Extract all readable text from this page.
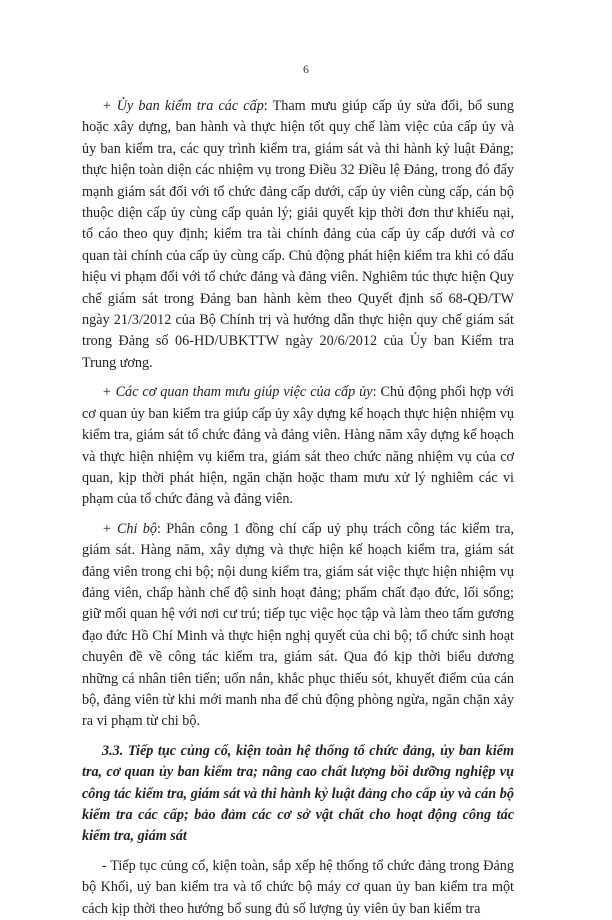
6

+ Ủy ban kiểm tra các cấp: Tham mưu giúp cấp ủy sửa đổi, bổ sung hoặc xây dựng, ban hành và thực hiện tốt quy chế làm việc của cấp ủy và ủy ban kiểm tra, các quy trình kiểm tra, giám sát và thi hành kỷ luật Đảng; thực hiện toàn diện các nhiệm vụ trong Điều 32 Điều lệ Đảng, trong đó đẩy mạnh giám sát đối với tổ chức đảng cấp dưới, cấp ủy viên cùng cấp, cán bộ thuộc diện cấp ủy cùng cấp quản lý; giải quyết kịp thời đơn thư khiếu nại, tố cáo theo quy định; kiểm tra tài chính đảng của cấp ủy cấp dưới và cơ quan tài chính của cấp ủy cùng cấp. Chủ động phát hiện kiểm tra khi có dấu hiệu vi phạm đối với tổ chức đảng và đảng viên. Nghiêm túc thực hiện Quy chế giám sát trong Đảng ban hành kèm theo Quyết định số 68-QĐ/TW ngày 21/3/2012 của Bộ Chính trị và hướng dẫn thực hiện quy chế giám sát trong Đảng số 06-HD/UBKTTW ngày 20/6/2012 của Ủy ban Kiểm tra Trung ương.

+ Các cơ quan tham mưu giúp việc của cấp ủy: Chủ động phối hợp với cơ quan ủy ban kiểm tra giúp cấp ủy xây dựng kế hoạch thực hiện nhiệm vụ kiểm tra, giám sát tổ chức đảng và đảng viên. Hàng năm xây dựng kế hoạch và thực hiện nhiệm vụ kiểm tra, giám sát theo chức năng nhiệm vụ của cơ quan, kịp thời phát hiện, ngăn chặn hoặc tham mưu xử lý nghiêm các vi phạm của tổ chức đảng và đảng viên.

+ Chi bộ: Phân công 1 đồng chí cấp uỷ phụ trách công tác kiểm tra, giám sát. Hàng năm, xây dựng và thực hiện kế hoạch kiểm tra, giám sát đảng viên trong chi bộ; nội dung kiểm tra, giám sát việc thực hiện nhiệm vụ đảng viên, chấp hành chế độ sinh hoạt đảng; phẩm chất đạo đức, lối sống; giữ mối quan hệ với nơi cư trú; tiếp tục việc học tập và làm theo tấm gương đạo đức Hồ Chí Minh và thực hiện nghị quyết của chi bộ; tổ chức sinh hoạt chuyên đề về công tác kiểm tra, giám sát. Qua đó kịp thời biểu dương những cá nhân tiên tiến; uốn nắn, khắc phục thiếu sót, khuyết điểm của cán bộ, đảng viên từ khi mới manh nha để chủ động phòng ngừa, ngăn chặn xảy ra vi phạm từ chi bộ.

3.3. Tiếp tục củng cố, kiện toàn hệ thống tổ chức đảng, ủy ban kiểm tra, cơ quan ủy ban kiểm tra; nâng cao chất lượng bồi dưỡng nghiệp vụ công tác kiểm tra, giám sát và thi hành kỷ luật đảng cho cấp ủy và cán bộ kiểm tra các cấp; bảo đảm các cơ sở vật chất cho hoạt động công tác kiểm tra, giám sát

- Tiếp tục củng cố, kiện toàn, sắp xếp hệ thống tổ chức đảng trong Đảng bộ Khối, uỷ ban kiểm tra và tổ chức bộ máy cơ quan ủy ban kiểm tra một cách kịp thời theo hướng bổ sung đủ số lượng ủy viên ủy ban kiểm tra
